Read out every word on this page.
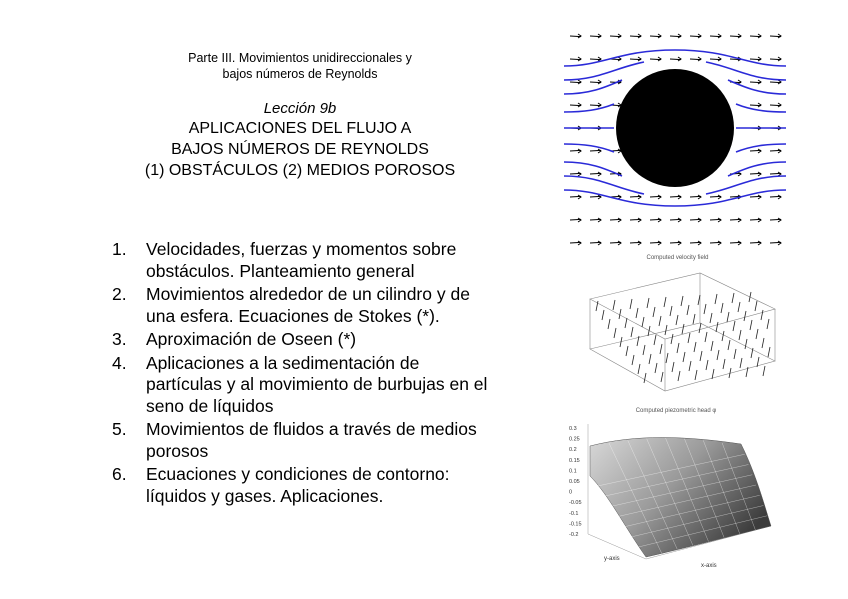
Parte III. Movimientos unidireccionales y
bajos números de Reynolds
Lección 9b
APLICACIONES DEL FLUJO A
BAJOS NÚMEROS DE REYNOLDS
(1) OBSTÁCULOS (2) MEDIOS POROSOS
1.	Velocidades, fuerzas y momentos sobre
obstáculos. Planteamiento general
2.	Movimientos alrededor de un cilindro y de
una esfera. Ecuaciones de Stokes (*).
3.	Aproximación de Oseen (*)
4.	Aplicaciones a la sedimentación de
partículas y al movimiento de burbujas en el
seno de líquidos
5.	Movimientos de fluidos a través de medios
porosos
6.	Ecuaciones y condiciones de contorno:
líquidos y gases. Aplicaciones.
Computed velocity field
Computed piezometric head φ
0.3
0.25
0.2
0.15
0.1
0.05
0
-0.05
-0.1
-0.15
-0.2
y-axis
x-axis
